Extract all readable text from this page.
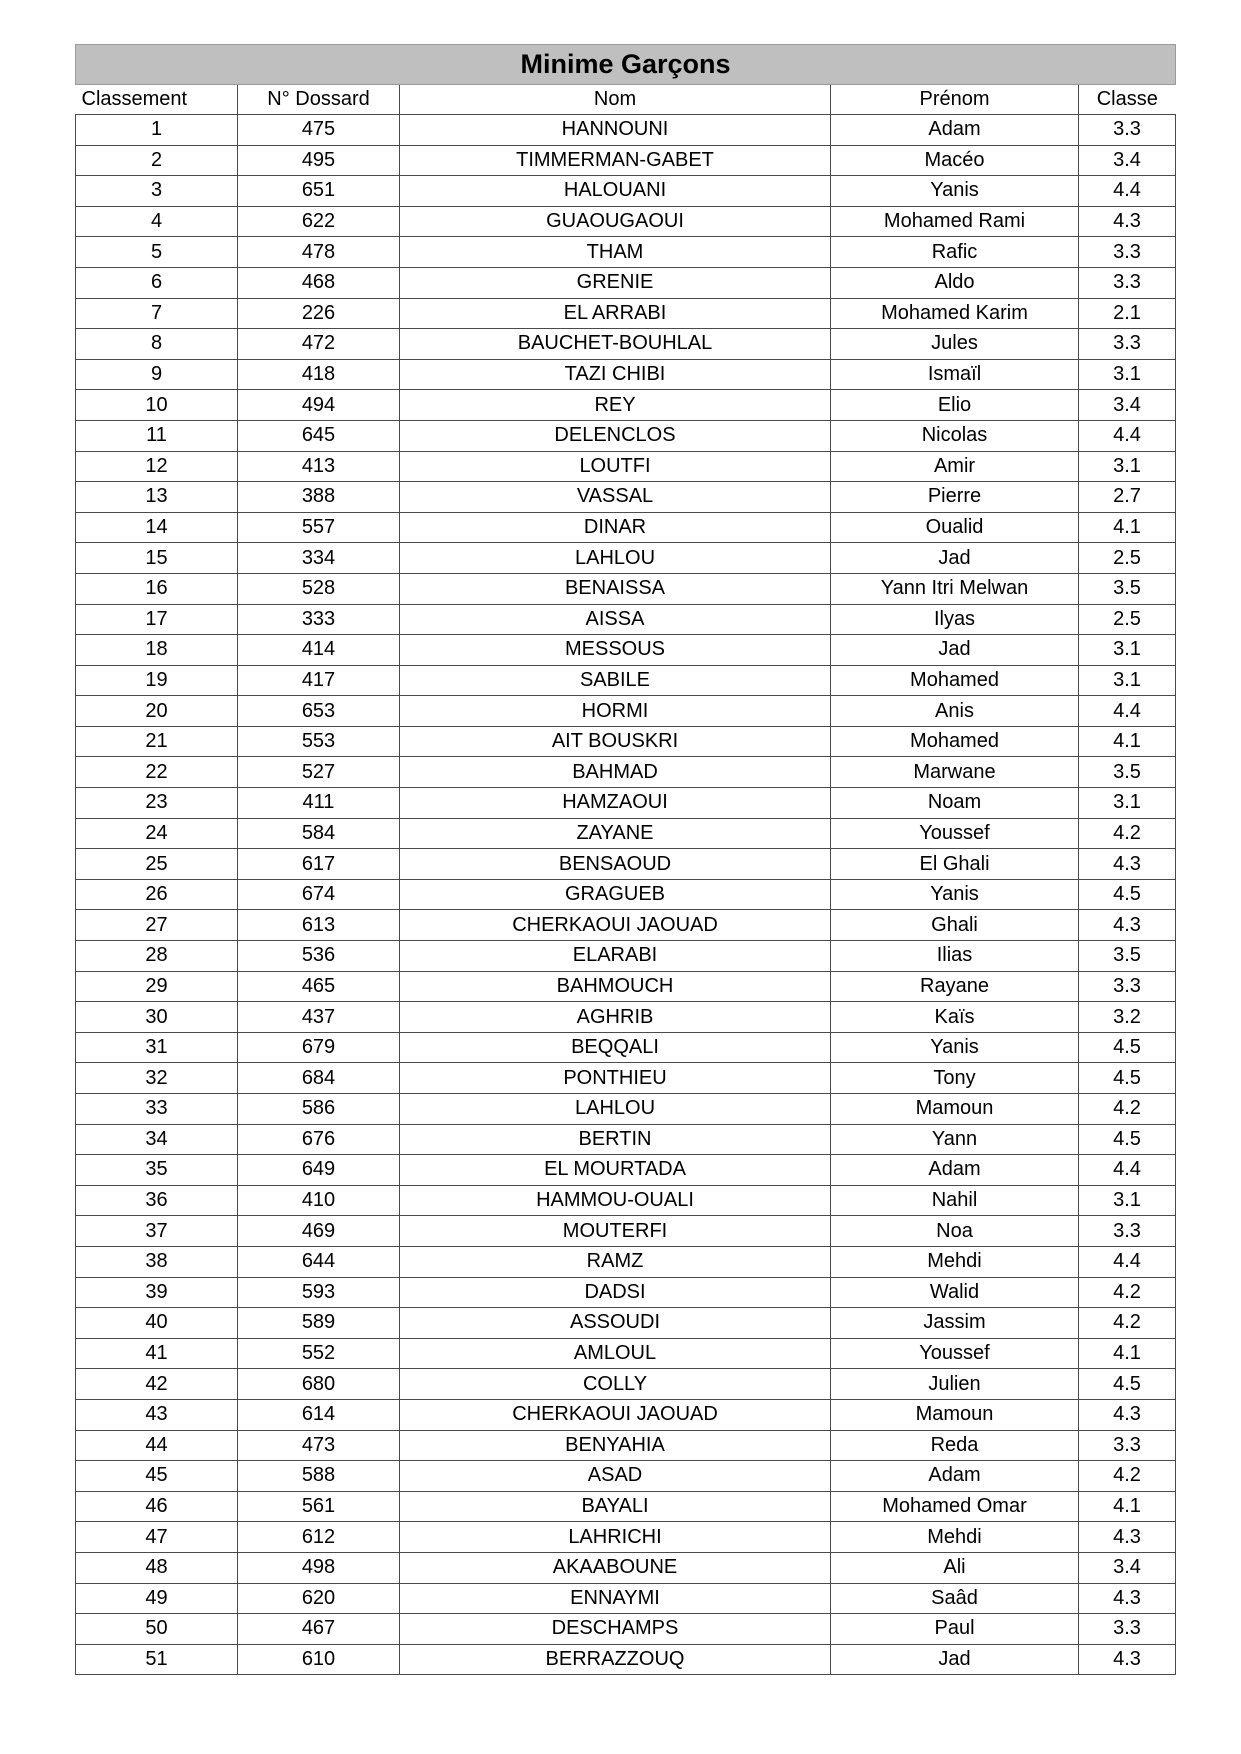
Minime Garçons				
Classement	N° Dossard	Nom	Prénom	Classe
1	475	HANNOUNI	Adam	3.3
2	495	TIMMERMAN-GABET	Macéo	3.4
3	651	HALOUANI	Yanis	4.4
4	622	GUAOUGAOUI	Mohamed Rami	4.3
5	478	THAM	Rafic	3.3
6	468	GRENIE	Aldo	3.3
7	226	EL ARRABI	Mohamed Karim	2.1
8	472	BAUCHET-BOUHLAL	Jules	3.3
9	418	TAZI CHIBI	Ismaïl	3.1
10	494	REY	Elio	3.4
11	645	DELENCLOS	Nicolas	4.4
12	413	LOUTFI	Amir	3.1
13	388	VASSAL	Pierre	2.7
14	557	DINAR	Oualid	4.1
15	334	LAHLOU	Jad	2.5
16	528	BENAISSA	Yann Itri Melwan	3.5
17	333	AISSA	Ilyas	2.5
18	414	MESSOUS	Jad	3.1
19	417	SABILE	Mohamed	3.1
20	653	HORMI	Anis	4.4
21	553	AIT BOUSKRI	Mohamed	4.1
22	527	BAHMAD	Marwane	3.5
23	411	HAMZAOUI	Noam	3.1
24	584	ZAYANE	Youssef	4.2
25	617	BENSAOUD	El Ghali	4.3
26	674	GRAGUEB	Yanis	4.5
27	613	CHERKAOUI JAOUAD	Ghali	4.3
28	536	ELARABI	Ilias	3.5
29	465	BAHMOUCH	Rayane	3.3
30	437	AGHRIB	Kaïs	3.2
31	679	BEQQALI	Yanis	4.5
32	684	PONTHIEU	Tony	4.5
33	586	LAHLOU	Mamoun	4.2
34	676	BERTIN	Yann	4.5
35	649	EL MOURTADA	Adam	4.4
36	410	HAMMOU-OUALI	Nahil	3.1
37	469	MOUTERFI	Noa	3.3
38	644	RAMZ	Mehdi	4.4
39	593	DADSI	Walid	4.2
40	589	ASSOUDI	Jassim	4.2
41	552	AMLOUL	Youssef	4.1
42	680	COLLY	Julien	4.5
43	614	CHERKAOUI JAOUAD	Mamoun	4.3
44	473	BENYAHIA	Reda	3.3
45	588	ASAD	Adam	4.2
46	561	BAYALI	Mohamed Omar	4.1
47	612	LAHRICHI	Mehdi	4.3
48	498	AKAABOUNE	Ali	3.4
49	620	ENNAYMI	Saâd	4.3
50	467	DESCHAMPS	Paul	3.3
51	610	BERRAZZOUQ	Jad	4.3
